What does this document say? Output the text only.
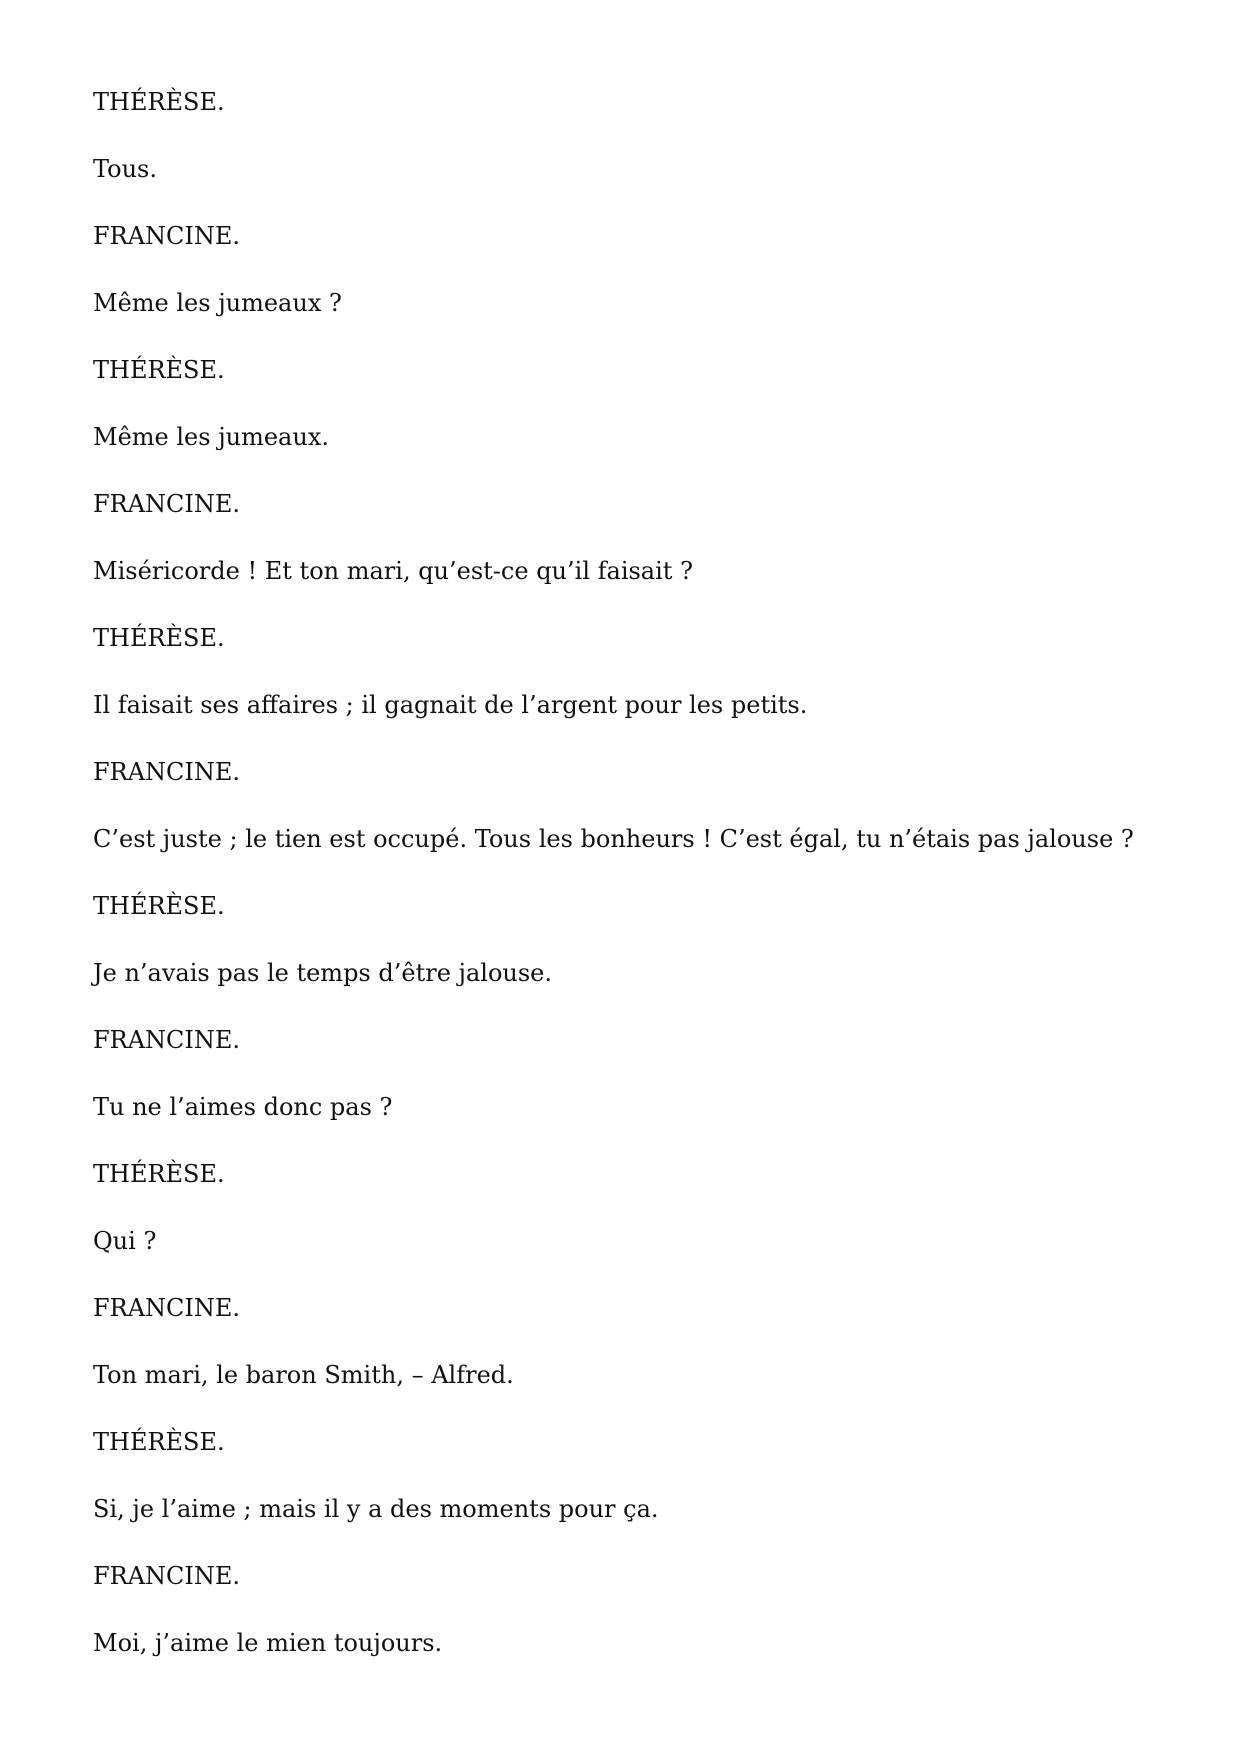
THÉRÈSE.

Tous.

FRANCINE.

Même les jumeaux ?

THÉRÈSE.

Même les jumeaux.

FRANCINE.

Miséricorde ! Et ton mari, qu’est-ce qu’il faisait ?

THÉRÈSE.

Il faisait ses affaires ; il gagnait de l’argent pour les petits.

FRANCINE.

C’est juste ; le tien est occupé. Tous les bonheurs ! C’est égal, tu n’étais pas jalouse ?

THÉRÈSE.

Je n’avais pas le temps d’être jalouse.

FRANCINE.

Tu ne l’aimes donc pas ?

THÉRÈSE.

Qui ?

FRANCINE.

Ton mari, le baron Smith, – Alfred.

THÉRÈSE.

Si, je l’aime ; mais il y a des moments pour ça.

FRANCINE.

Moi, j’aime le mien toujours.
